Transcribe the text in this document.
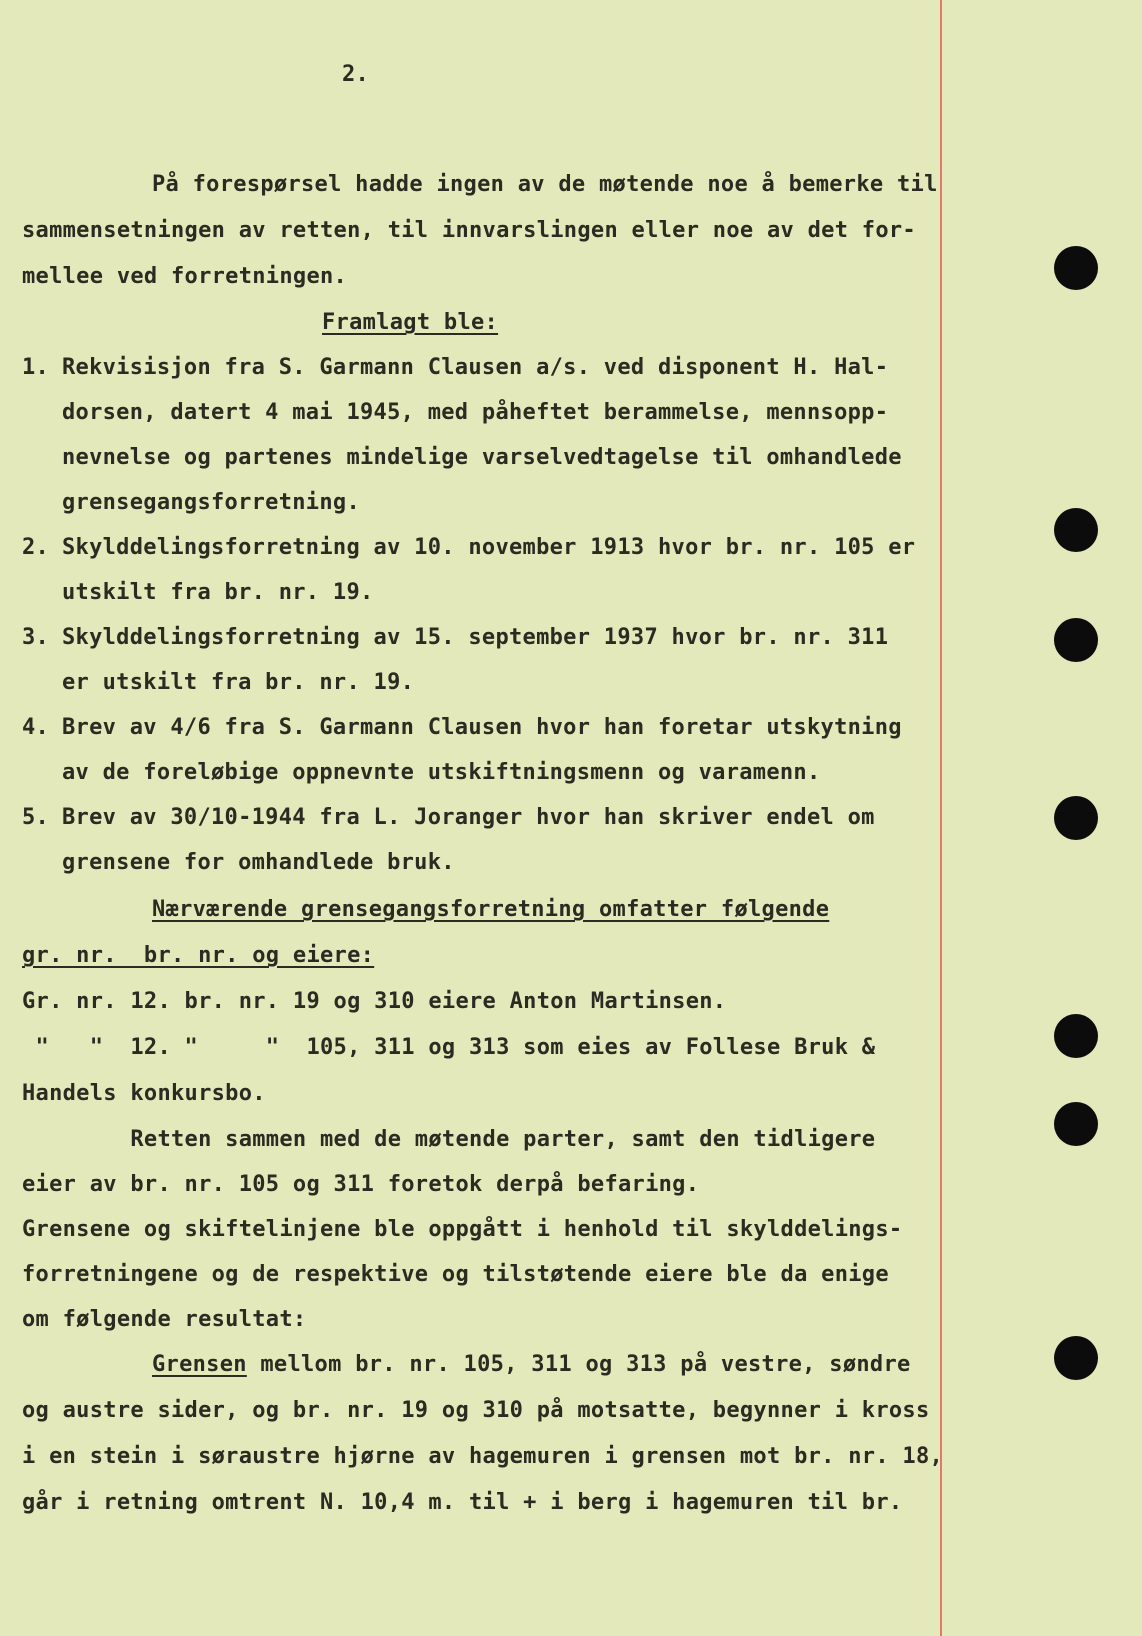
2.
På forespørsel hadde ingen av de møtende noe å bemerke til
sammensetningen av retten, til innvarslingen eller noe av det for-
mellee ved forretningen.
Framlagt ble:
1. Rekvisisjon fra S. Garmann Clausen a/s. ved disponent H. Hal-
dorsen, datert 4 mai 1945, med påheftet berammelse, mennsopp-
nevnelse og partenes mindelige varselvedtagelse til omhandlede
grensegangsforretning.
2. Skylddelingsforretning av 10. november 1913 hvor br. nr. 105 er
utskilt fra br. nr. 19.
3. Skylddelingsforretning av 15. september 1937 hvor br. nr. 311
er utskilt fra br. nr. 19.
4. Brev av 4/6 fra S. Garmann Clausen hvor han foretar utskytning
av de foreløbige oppnevnte utskiftningsmenn og varamenn.
5. Brev av 30/10-1944 fra L. Joranger hvor han skriver endel om
grensene for omhandlede bruk.
Nærværende grensegangsforretning omfatter følgende
gr. nr.  br. nr. og eiere:
Gr. nr. 12. br. nr. 19 og 310 eiere Anton Martinsen.
"   "  12. "     "  105, 311 og 313 som eies av Follese Bruk &
Handels konkursbo.
Retten sammen med de møtende parter, samt den tidligere
eier av br. nr. 105 og 311 foretok derpå befaring.
Grensene og skiftelinjene ble oppgått i henhold til skylddelings-
forretningene og de respektive og tilstøtende eiere ble da enige
om følgende resultat:
Grensen mellom br. nr. 105, 311 og 313 på vestre, søndre
og austre sider, og br. nr. 19 og 310 på motsatte, begynner i kross
i en stein i søraustre hjørne av hagemuren i grensen mot br. nr. 18,
går i retning omtrent N. 10,4 m. til + i berg i hagemuren til br.
